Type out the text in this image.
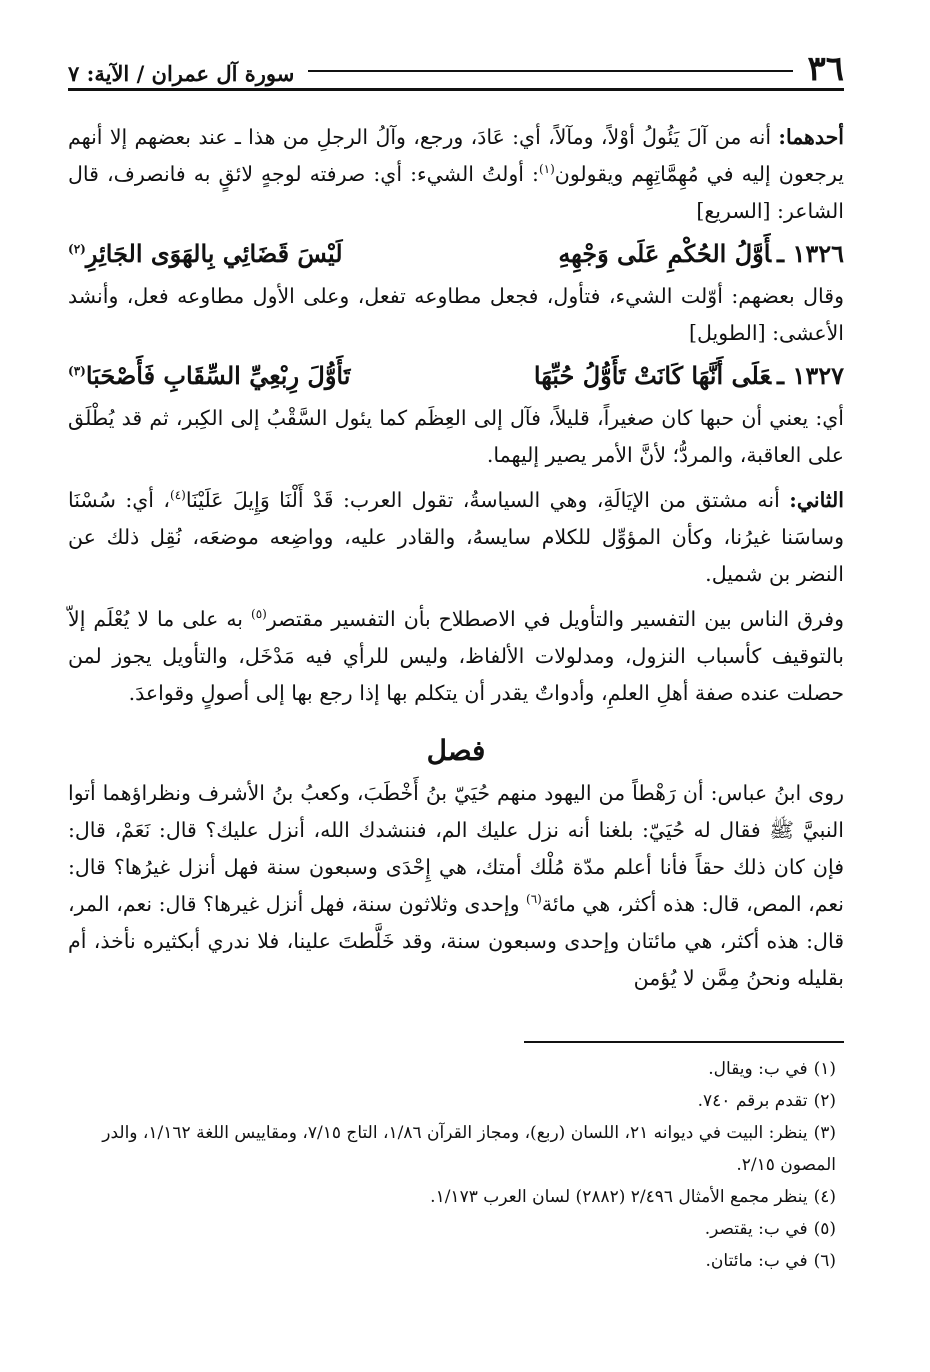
٣٦
سورة آل عمران / الآية: ٧

أحدهما: أنه من آلَ يَئُولُ أوْلاً، ومآلاً، أي: عَادَ، ورجع، وآلُ الرجلِ من هذا ـ عند بعضهم إلا أنهم يرجعون إليه في مُهِمَّاتِهِم ويقولون$^{(١)}$: أولتُ الشيء: أي: صرفته لوجهٍ لائقٍ به فانصرف، قال الشاعر: [السريع]

١٣٢٦ ـأَوَّلُ الحُكْمِ عَلَى وَجْهِهِ
لَيْسَ قَضَائِي بِالهَوَى الجَائِرِ$^{(٢)}$

وقال بعضهم: أوّلت الشيء، فتأول، فجعل مطاوعه تفعل، وعلى الأول مطاوعه فعل، وأنشد الأعشى: [الطويل]

١٣٢٧ ـعَلَى أَنَّهَا كَانَتْ تَأَوُّلُ حُبِّهَا
تَأَوُّلَ رِبْعِيِّ السِّقَابِ فَأَصْحَبَا$^{(٣)}$

أي: يعني أن حبها كان صغيراً، قليلاً، فآل إلى العِظَم كما يئول السَّقْبُ إلى الكِبر، ثم قد يُطْلَق على العاقبة، والمردُّ؛ لأنَّ الأمر يصير إليهما.

الثاني: أنه مشتق من الإيَالَةِ، وهي السياسةُ، تقول العرب: قَدْ أَلْنَا وَإِيلَ عَلَيْنَا$^{(٤)}$، أي: سُسْنَا وساسَنا غيرُنا، وكأن المؤوِّل للكلام سايسهُ، والقادر عليه، وواضِعه موضعَه، نُقِل ذلك عن النضر بن شميل.

وفرق الناس بين التفسير والتأويل في الاصطلاح بأن التفسير مقتصر$^{(٥)}$ به على ما لا يُعْلَم إلاّ بالتوقيف كأسباب النزول، ومدلولات الألفاظ، وليس للرأي فيه مَدْخَل، والتأويل يجوز لمن حصلت عنده صفة أهلِ العلمِ، وأدواتٌ يقدر أن يتكلم بها إذا رجع بها إلى أصولٍ وقواعدَ.

فصل

روى ابنُ عباس: أن رَهْطاً من اليهود منهم حُيَيّ بنُ أَخْطَبَ، وكعبُ بنُ الأشرف ونظراؤهما أتوا النبيَّ ﷺ فقال له حُيَيّ: بلغنا أنه نزل عليك الم، فننشدك الله، أنزل عليك؟ قال: نَعَمْ، قال: فإن كان ذلك حقاً فأنا أعلم مدّة مُلْك أمتك، هي إِحْدَى وسبعون سنة فهل أنزل غيرُها؟ قال: نعم، المص، قال: هذه أكثر، هي مائة$^{(٦)}$ وإحدى وثلاثون سنة، فهل أنزل غيرها؟ قال: نعم، المر، قال: هذه أكثر، هي مائتان وإحدى وسبعون سنة، وقد خَلَّطتَ علينا، فلا ندري أبكثيره نأخذ، أم بقليله ونحنُ مِمَّن لا يُؤمن

(١)في ب: ويقال.

(٢)تقدم برقم ٧٤٠.

(٣)ينظر: البيت في ديوانه ٢١، اللسان (ربع)، ومجاز القرآن ١/٨٦، التاج ٧/١٥، ومقاييس اللغة ١/١٦٢، والدر المصون ٢/١٥.

(٤)ينظر مجمع الأمثال ٢/٤٩٦ (٢٨٨٢) لسان العرب ١/١٧٣.

(٥)في ب: يقتصر.

(٦)في ب: مائتان.
